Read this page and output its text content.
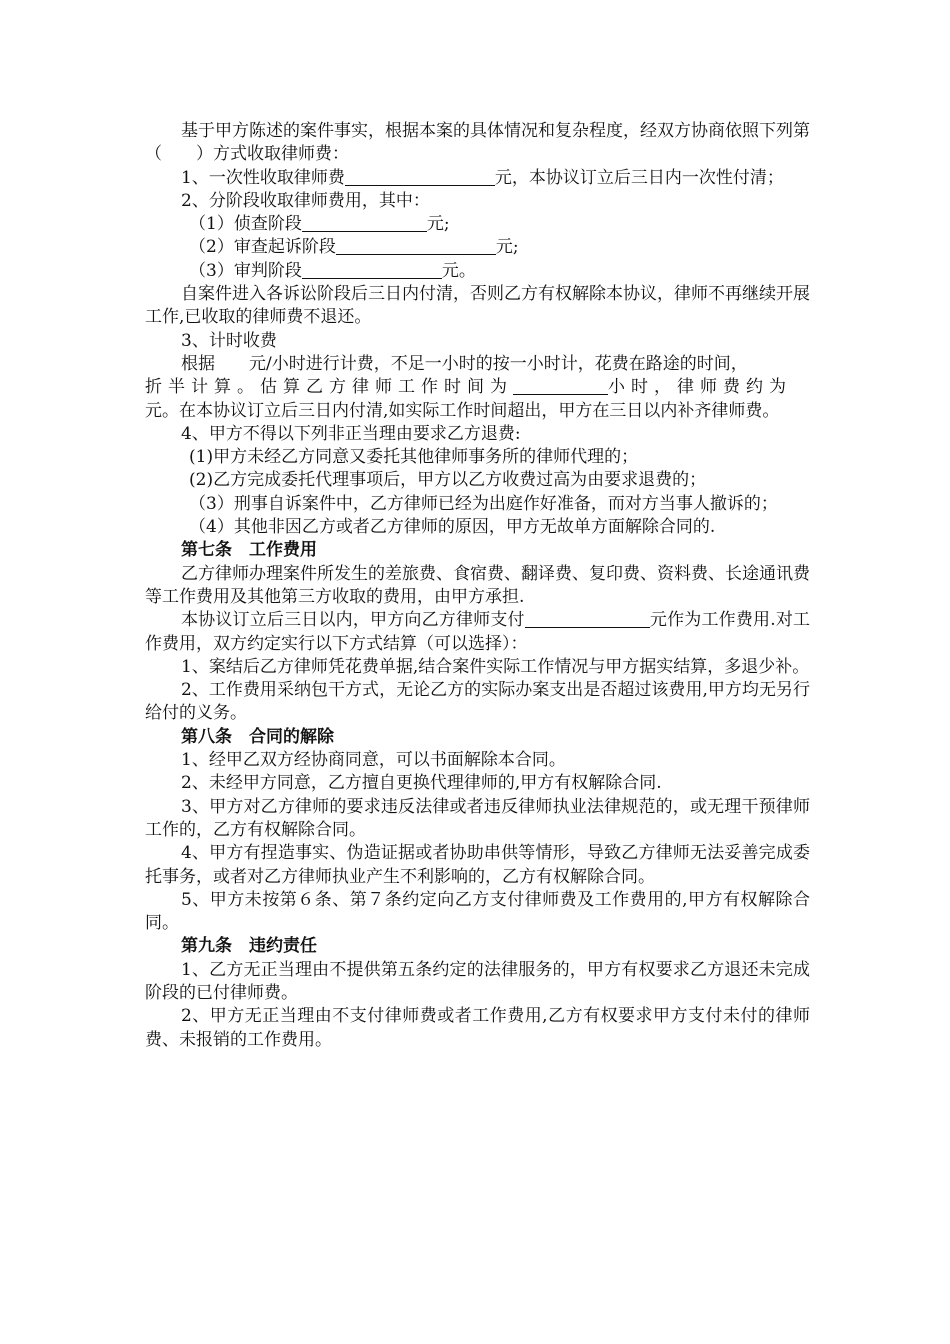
基于甲方陈述的案件事实，根据本案的具体情况和复杂程度，经双方协商依照下列第（　　）方式收取律师费：

1、一次性收取律师费	元，本协议订立后三日内一次性付清；

2、分阶段收取律师费用，其中：

（1）侦查阶段	元;

（2）审查起诉阶段	元;

（3）审判阶段	元。

自案件进入各诉讼阶段后三日内付清，否则乙方有权解除本协议，律师不再继续开展工作,已收取的律师费不退还。

3、计时收费

根据　　元/小时进行计费，不足一小时的按一小时计，花费在路途的时间，

折半计算。估算乙方律师工作时间为	小时，律师费约为

元。在本协议订立后三日内付清,如实际工作时间超出，甲方在三日以内补齐律师费。

4、甲方不得以下列非正当理由要求乙方退费:

(1)甲方未经乙方同意又委托其他律师事务所的律师代理的；

(2)乙方完成委托代理事项后，甲方以乙方收费过高为由要求退费的；

（3）刑事自诉案件中，乙方律师已经为出庭作好准备，而对方当事人撤诉的；

（4）其他非因乙方或者乙方律师的原因，甲方无故单方面解除合同的.

第七条　工作费用

乙方律师办理案件所发生的差旅费、食宿费、翻译费、复印费、资料费、长途通讯费等工作费用及其他第三方收取的费用，由甲方承担.

本协议订立后三日以内，甲方向乙方律师支付	元作为工作费用.对工作费用，双方约定实行以下方式结算（可以选择）：

1、案结后乙方律师凭花费单据,结合案件实际工作情况与甲方据实结算，多退少补。

2、工作费用采纳包干方式，无论乙方的实际办案支出是否超过该费用,甲方均无另行给付的义务。

第八条　合同的解除

1、经甲乙双方经协商同意，可以书面解除本合同。

2、未经甲方同意，乙方擅自更换代理律师的,甲方有权解除合同.

3、甲方对乙方律师的要求违反法律或者违反律师执业法律规范的，或无理干预律师工作的，乙方有权解除合同。

4、甲方有捏造事实、伪造证据或者协助串供等情形，导致乙方律师无法妥善完成委托事务，或者对乙方律师执业产生不利影响的，乙方有权解除合同。

5、甲方未按第６条、第７条约定向乙方支付律师费及工作费用的,甲方有权解除合同。

第九条　违约责任

1、乙方无正当理由不提供第五条约定的法律服务的，甲方有权要求乙方退还未完成阶段的已付律师费。

2、甲方无正当理由不支付律师费或者工作费用,乙方有权要求甲方支付未付的律师费、未报销的工作费用。
